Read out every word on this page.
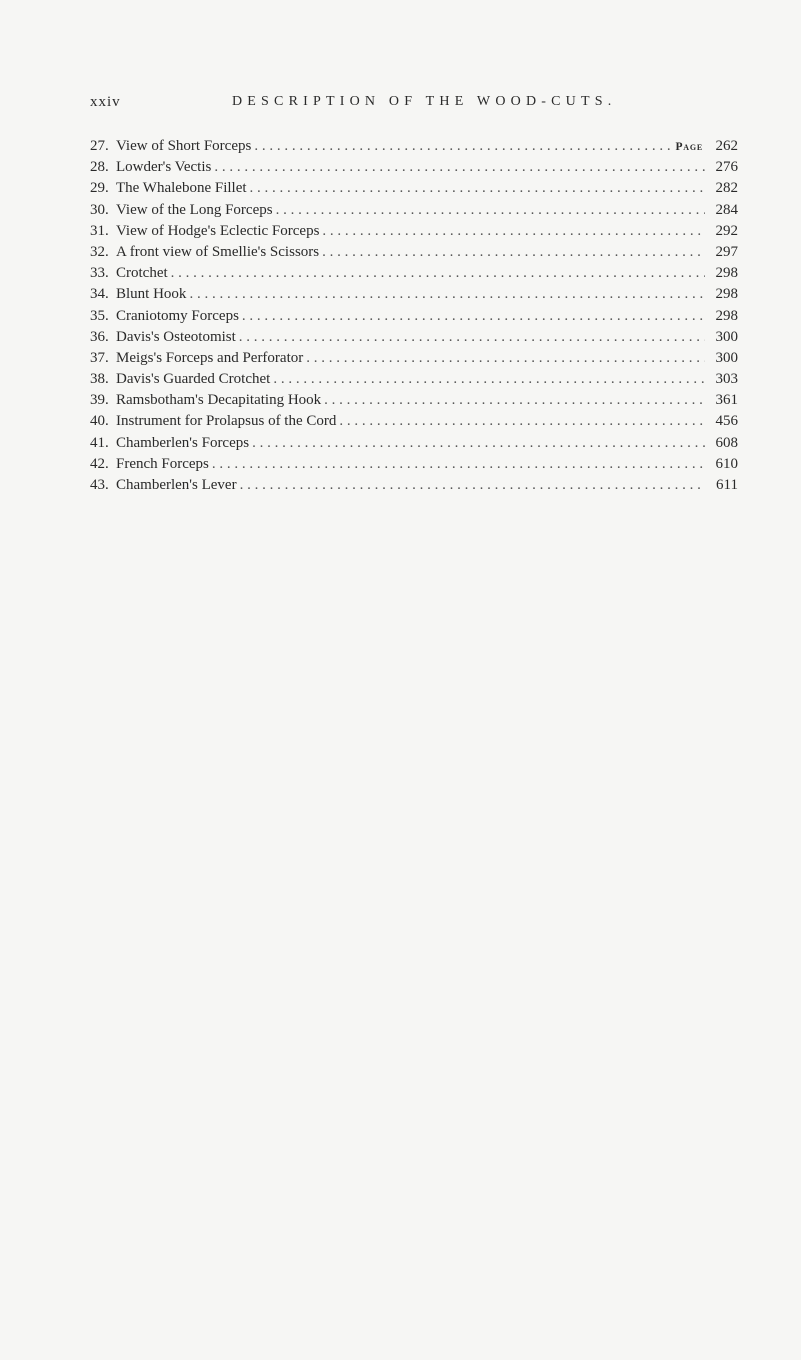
xxiv	DESCRIPTION OF THE WOOD-CUTS.
27. View of Short Forceps . . .	Page 262
28. Lowder's Vectis . . .	276
29. The Whalebone Fillet . . .	282
30. View of the Long Forceps . . .	284
31. View of Hodge's Eclectic Forceps . . .	292
32. A front view of Smellie's Scissors . . .	297
33. Crotchet . . .	298
34. Blunt Hook . . .	298
35. Craniotomy Forceps . . .	298
36. Davis's Osteotomist . . .	300
37. Meigs's Forceps and Perforator . . .	300
38. Davis's Guarded Crotchet . . .	303
39. Ramsbotham's Decapitating Hook . . .	361
40. Instrument for Prolapsus of the Cord . . .	456
41. Chamberlen's Forceps . . .	608
42. French Forceps . . .	610
43. Chamberlen's Lever . . .	611
